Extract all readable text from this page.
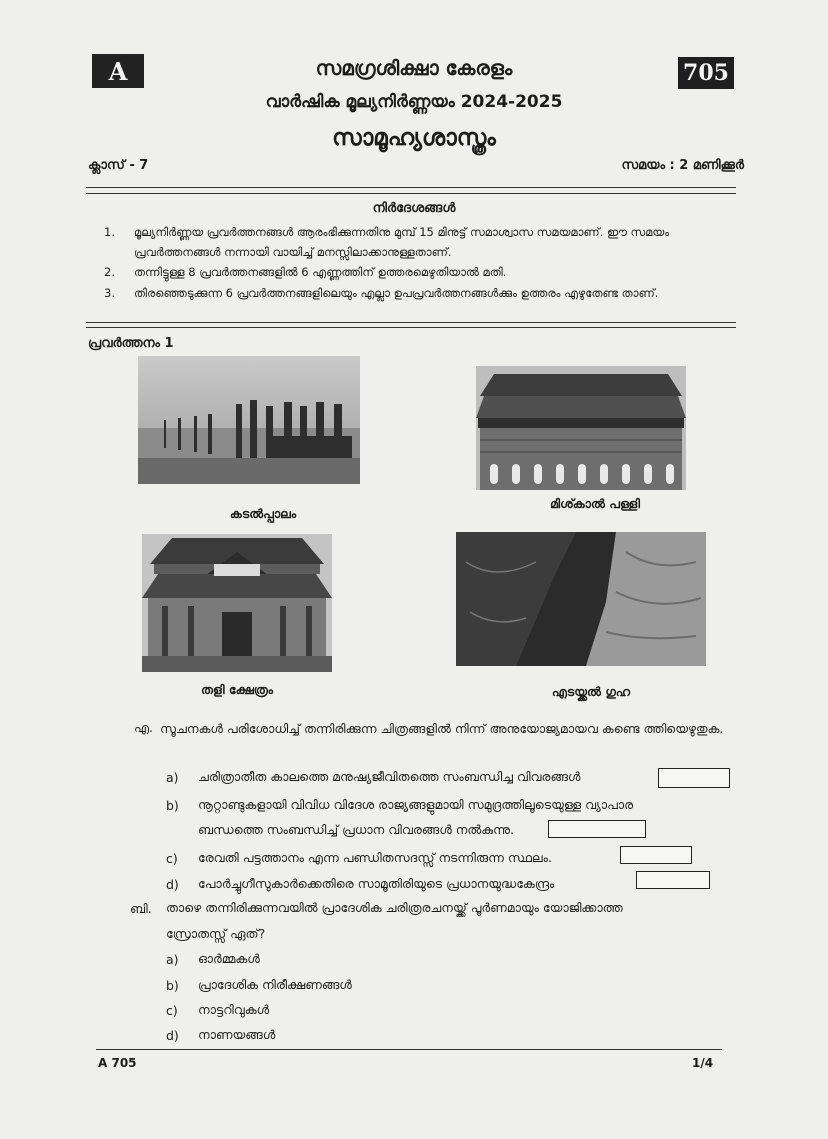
A	705
സമഗ്രശിക്ഷാ കേരളം
വാർഷിക മൂല്യനിർണ്ണയം 2024-2025
സാമൂഹ്യശാസ്ത്രം
ക്ലാസ് - 7	സമയം : 2 മണിക്കൂർ
നിർദേശങ്ങൾ
1.	മൂല്യനിർണ്ണയ പ്രവർത്തനങ്ങൾ ആരംഭിക്കുന്നതിനു മുമ്പ് 15 മിനുട്ട് സമാശ്വാസ സമയമാണ്. ഈ സമയം പ്രവർത്തനങ്ങൾ നന്നായി വായിച്ച് മനസ്സിലാക്കാനുള്ളതാണ്.
2.	തന്നിട്ടുള്ള 8 പ്രവർത്തനങ്ങളിൽ 6 എണ്ണത്തിന് ഉത്തരമെഴുതിയാൽ മതി.
3.	തിരഞ്ഞെടുക്കുന്ന 6 പ്രവർത്തനങ്ങളിലെയും എല്ലാ ഉപപ്രവർത്തനങ്ങൾക്കും ഉത്തരം എഴുതേണ്ട താണ്.
പ്രവർത്തനം 1
കടൽപ്പാലം
മിശ്കാൽ പള്ളി
തളി ക്ഷേത്രം	എടയ്ക്കൽ ഗുഹ
എ. സൂചനകൾ പരിശോധിച്ച് തന്നിരിക്കുന്ന ചിത്രങ്ങളിൽ നിന്ന് അനുയോജ്യമായവ കണ്ടെ ത്തിയെഴുതുക.
a) ചരിത്രാതീത കാലത്തെ മനുഷ്യജീവിതത്തെ സംബന്ധിച്ച വിവരങ്ങൾ
b) നൂറ്റാണ്ടുകളായി വിവിധ വിദേശ രാജ്യങ്ങളുമായി സമുദ്രത്തിലൂടെയുള്ള വ്യാപാര
ബന്ധത്തെ സംബന്ധിച്ച് പ്രധാന വിവരങ്ങൾ നൽകുന്നു.
c) രേവതി പട്ടത്താനം എന്ന പണ്ഡിതസദസ്സ് നടന്നിരുന്ന സ്ഥലം.
d) പോർച്ചുഗീസുകാർക്കെതിരെ സാമൂതിരിയുടെ പ്രധാനയുദ്ധകേന്ദ്രം
ബി. താഴെ തന്നിരിക്കുന്നവയിൽ പ്രാദേശിക ചരിത്രരചനയ്ക്ക് പൂർണമായും യോജിക്കാത്ത
സ്രോതസ്സ് ഏത്?
a) ഓർമ്മകൾ
b) പ്രാദേശിക നിരീക്ഷണങ്ങൾ
c) നാട്ടറിവുകൾ
d) നാണയങ്ങൾ
A 705	1/4
